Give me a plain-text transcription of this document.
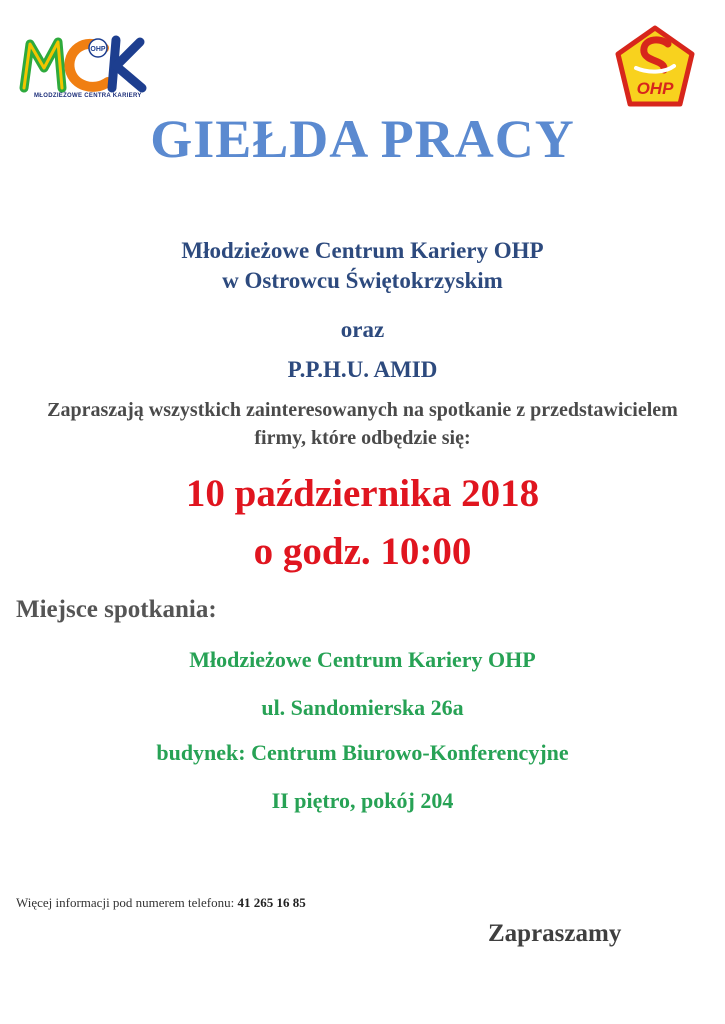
OHP
MŁODZIEŻOWE CENTRA KARIERY	OHP
GIEŁDA PRACY
Młodzieżowe Centrum Kariery OHP
w Ostrowcu Świętokrzyskim
oraz
P.P.H.U. AMID
Zapraszają wszystkich zainteresowanych na spotkanie z przedstawicielem
firmy, które odbędzie się:
10 października 2018
o godz. 10:00
Miejsce spotkania:
Młodzieżowe Centrum Kariery OHP
ul. Sandomierska 26a
budynek: Centrum Biurowo-Konferencyjne
II piętro, pokój 204
Więcej informacji pod numerem telefonu: 41 265 16 85
Zapraszamy
